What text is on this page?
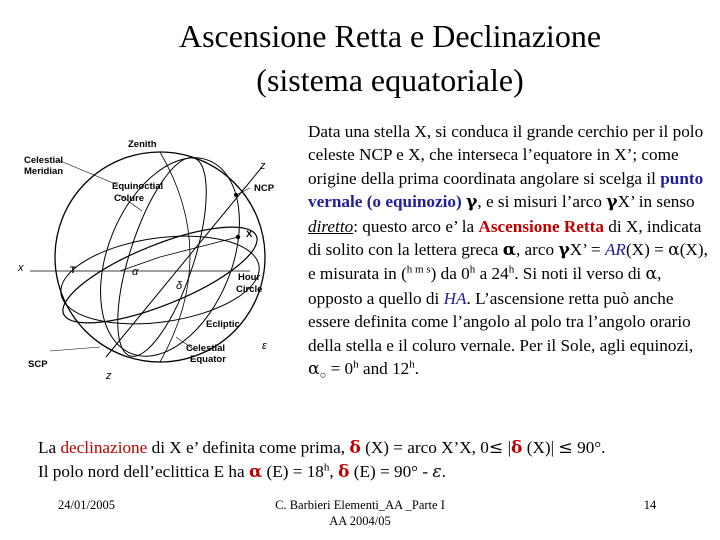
Ascensione Retta e Declinazione
(sistema equatoriale)
Zenith
Celestial
Meridian
Equinoctial
Colure
NCP
X
x	T	α
δ
Hour
Circle
Ecliptic
ε
Celestial
Equator
SCP
z
z
Data una stella X, si conduca il grande cerchio per il polo celeste NCP e X, che interseca l’equatore in X’; come origine della prima coordinata angolare si scelga il punto vernale (o equinozio) γ, e si misuri l’arco γX’ in senso diretto: questo arco e’ la Ascensione Retta di X, indicata di solito con la lettera greca α, arco γX’ = AR(X) = α(X), e misurata in ($^{h m s}$) da 0$^h$ a 24$^h$. Si noti il verso di α, opposto a quello di HA. L’ascensione retta può anche essere definita come l’angolo al polo tra l’angolo orario della stella e il coluro vernale. Per il Sole, agli equinozi, $\alpha_○ = 0^h$ and 12$^h$.
La declinazione di X e’ definita come prima, δ (X) = arco X’X, 0≤ |δ (X)| ≤ 90°.
Il polo nord dell’eclittica E ha α $(E) = 18^h$, δ (E) = 90° - ε.
24/01/2005	C. Barbieri Elementi_AA _Parte I
AA 2004/05
14
